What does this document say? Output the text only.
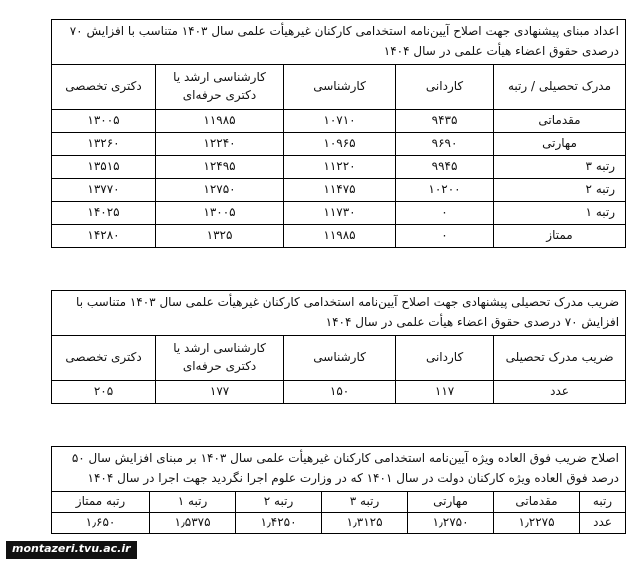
اعداد مبنای پیشنهادی جهت اصلاح آیین‌نامه استخدامی کارکنان غیرهیأت علمی سال ۱۴۰۳ متناسب با افزایش ۷۰ درصدی حقوق اعضاء هیأت علمی در سال ۱۴۰۴				
مدرک تحصیلی / رتبه	کاردانی	کارشناسی	کارشناسی ارشد یا دکتری حرفه‌ای	دکتری تخصصی
مقدماتی	۹۴۳۵	۱۰۷۱۰	۱۱۹۸۵	۱۳۰۰۵
مهارتی	۹۶۹۰	۱۰۹۶۵	۱۲۲۴۰	۱۳۲۶۰
رتبه ۳	۹۹۴۵	۱۱۲۲۰	۱۲۴۹۵	۱۳۵۱۵
رتبه ۲	۱۰۲۰۰	۱۱۴۷۵	۱۲۷۵۰	۱۳۷۷۰
رتبه ۱	۰	۱۱۷۳۰	۱۳۰۰۵	۱۴۰۲۵
ممتاز	۰	۱۱۹۸۵	۱۳۲۵	۱۴۲۸۰
ضریب مدرک تحصیلی پیشنهادی جهت اصلاح آیین‌نامه استخدامی کارکنان غیرهیأت علمی سال ۱۴۰۳ متناسب با افزایش ۷۰ درصدی حقوق اعضاء هیأت علمی در سال ۱۴۰۴				
ضریب مدرک تحصیلی	کاردانی	کارشناسی	کارشناسی ارشد یا دکتری حرفه‌ای	دکتری تخصصی
عدد	۱۱۷	۱۵۰	۱۷۷	۲۰۵
اصلاح ضریب فوق العاده ویژه آیین‌نامه استخدامی کارکنان غیرهیأت علمی سال ۱۴۰۳ بر مبنای افزایش سال ۵۰ درصد فوق العاده ویژه کارکنان دولت در سال ۱۴۰۱ که در وزارت علوم اجرا نگردید جهت اجرا در سال ۱۴۰۴						
رتبه	مقدماتی	مهارتی	رتبه ۳	رتبه ۲	رتبه ۱	رتبه ممتاز
عدد	۱٫۲۲۷۵	۱٫۲۷۵۰	۱٫۳۱۲۵	۱٫۴۲۵۰	۱٫۵۳۷۵	۱٫۶۵۰
montazeri.tvu.ac.ir
